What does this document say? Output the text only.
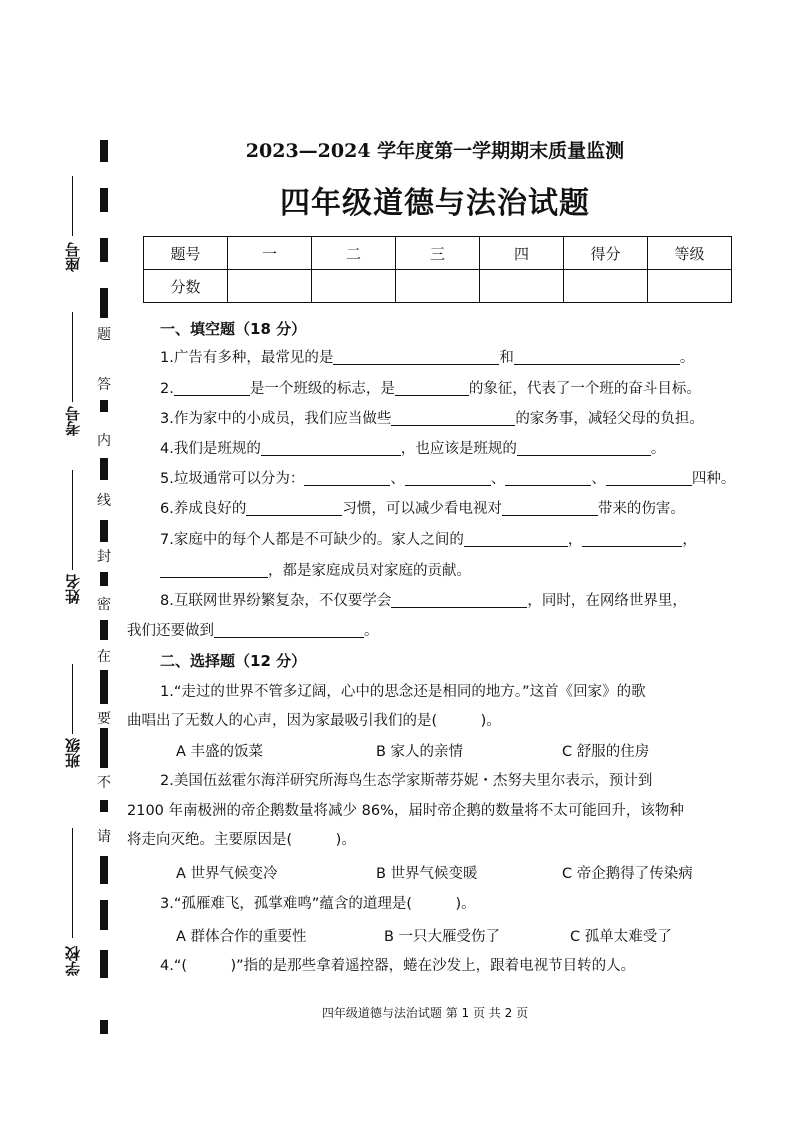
题
答
内
线
封
密
在
要
不
请
座号
考号
姓名
班级
学校
2023—2024 学年度第一学期期末质量监测
四年级道德与法治试题
题号	一	二	三	四	得分	等级
分数						
一、填空题（18 分）
1.广告有多种，最常见的是	和	。
2.	是一个班级的标志，是	的象征，代表了一个班的奋斗目标。
3.作为家中的小成员，我们应当做些	的家务事，减轻父母的负担。
4.我们是班规的	，也应该是班规的	。
5.垃圾通常可以分为：	、	、	、	四种。
6.养成良好的	习惯，可以减少看电视对	带来的伤害。
7.家庭中的每个人都是不可缺少的。家人之间的	，	，
，都是家庭成员对家庭的贡献。
8.互联网世界纷繁复杂，不仅要学会	，同时，在网络世界里，
我们还要做到	。
二、选择题（12 分）
1.“走过的世界不管多辽阔，心中的思念还是相同的地方。”这首《回家》的歌
曲唱出了无数人的心声，因为家最吸引我们的是(　　　)。
A 丰盛的饭菜	B 家人的亲情	C 舒服的住房
2.美国伍兹霍尔海洋研究所海鸟生态学家斯蒂芬妮・杰努夫里尔表示，预计到
2100 年南极洲的帝企鹅数量将减少 86%，届时帝企鹅的数量将不太可能回升，该物种
将走向灭绝。主要原因是(　　　)。
A 世界气候变冷	B 世界气候变暖	C 帝企鹅得了传染病
3.“孤雁难飞，孤掌难鸣”蕴含的道理是(　　　)。
A 群体合作的重要性	B 一只大雁受伤了	C 孤单太难受了
4.“(　　　)”指的是那些拿着遥控器，蜷在沙发上，跟着电视节目转的人。
四年级道德与法治试题 第 1 页 共 2 页
